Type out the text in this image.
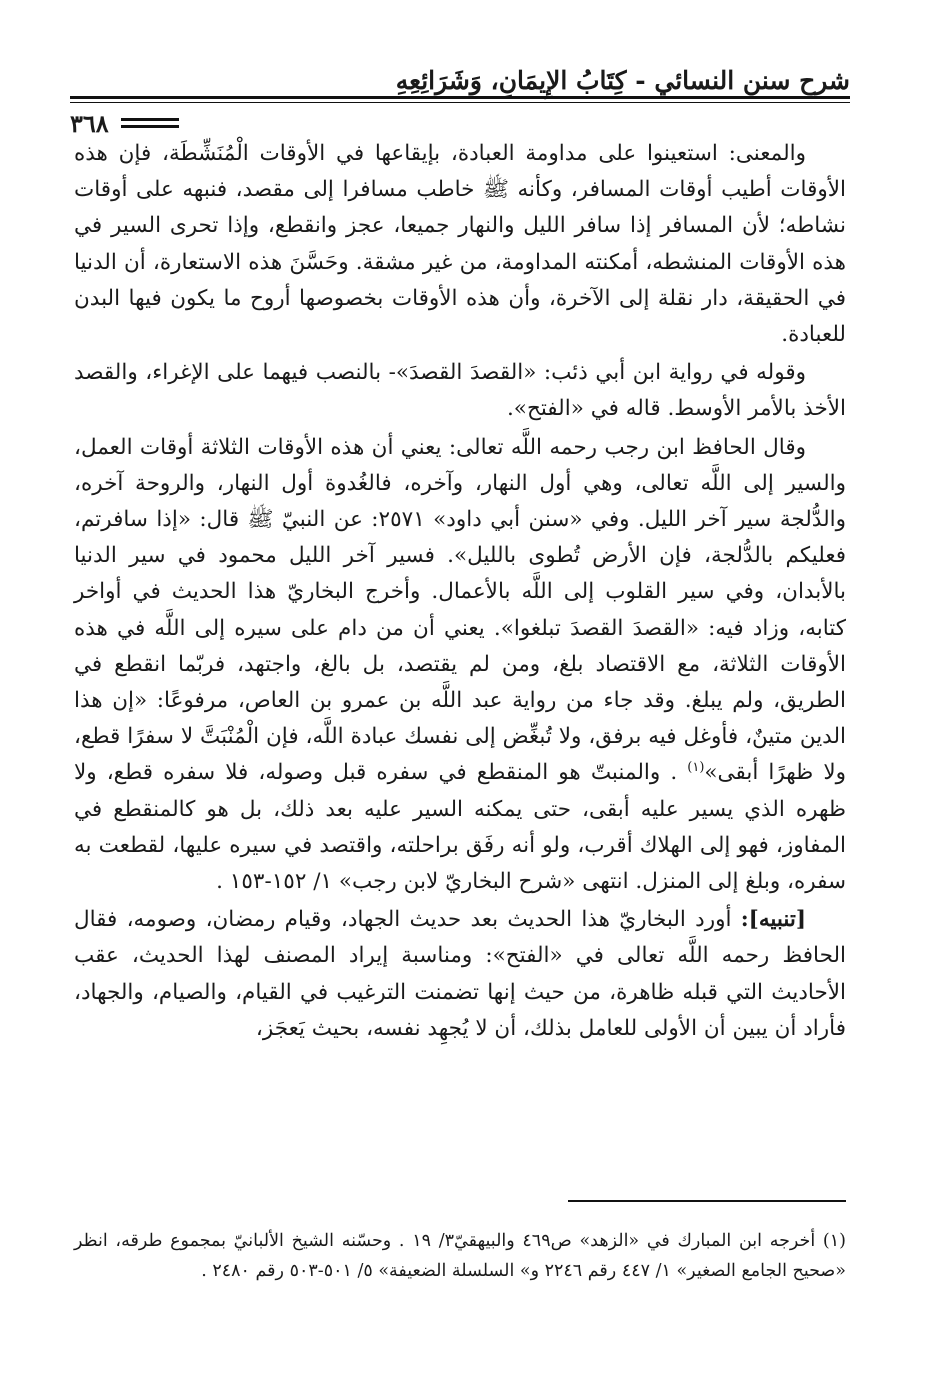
شرح سنن النسائي - كِتَابُ الإِيمَانِ، وَشَرَائِعِهِ
٣٦٨

والمعنى: استعينوا على مداومة العبادة، بإيقاعها في الأوقات الْمُنَشِّطَة، فإن هذه الأوقات أطيب أوقات المسافر، وكأنه ﷺ خاطب مسافرا إلى مقصد، فنبهه على أوقات نشاطه؛ لأن المسافر إذا سافر الليل والنهار جميعا، عجز وانقطع، وإذا تحرى السير في هذه الأوقات المنشطه، أمكنته المداومة، من غير مشقة. وحَسَّنَ هذه الاستعارة، أن الدنيا في الحقيقة، دار نقلة إلى الآخرة، وأن هذه الأوقات بخصوصها أروح ما يكون فيها البدن للعبادة.

وقوله في رواية ابن أبي ذئب: «القصدَ القصدَ»- بالنصب فيهما على الإغراء، والقصد الأخذ بالأمر الأوسط. قاله في «الفتح».

وقال الحافظ ابن رجب رحمه اللَّه تعالى: يعني أن هذه الأوقات الثلاثة أوقات العمل، والسير إلى اللَّه تعالى، وهي أول النهار، وآخره، فالغُدوة أول النهار، والروحة آخره، والدُّلجة سير آخر الليل. وفي «سنن أبي داود» ٢٥٧١: عن النبيّ ﷺ قال: «إذا سافرتم، فعليكم بالدُّلجة، فإن الأرض تُطوى بالليل». فسير آخر الليل محمود في سير الدنيا بالأبدان، وفي سير القلوب إلى اللَّه بالأعمال. وأخرج البخاريّ هذا الحديث في أواخر كتابه، وزاد فيه: «القصدَ القصدَ تبلغوا». يعني أن من دام على سيره إلى اللَّه في هذه الأوقات الثلاثة، مع الاقتصاد بلغ، ومن لم يقتصد، بل بالغ، واجتهد، فربّما انقطع في الطريق، ولم يبلغ. وقد جاء من رواية عبد اللَّه بن عمرو بن العاص، مرفوعًا: «إن هذا الدين متينٌ، فأوغل فيه برفق، ولا تُبغِّض إلى نفسك عبادة اللَّه، فإن الْمُنْبَتَّ لا سفرًا قطع، ولا ظهرًا أبقى»$^{(١)}$ . والمنبتّ هو المنقطع في سفره قبل وصوله، فلا سفره قطع، ولا ظهره الذي يسير عليه أبقى، حتى يمكنه السير عليه بعد ذلك، بل هو كالمنقطع في المفاوز، فهو إلى الهلاك أقرب، ولو أنه رفَق براحلته، واقتصد في سيره عليها، لقطعت به سفره، وبلغ إلى المنزل. انتهى «شرح البخاريّ لابن رجب» ١/ ١٥٢-١٥٣ .

[تنبيه]: أورد البخاريّ هذا الحديث بعد حديث الجهاد، وقيام رمضان، وصومه، فقال الحافظ رحمه اللَّه تعالى في «الفتح»: ومناسبة إيراد المصنف لهذا الحديث، عقب الأحاديث التي قبله ظاهرة، من حيث إنها تضمنت الترغيب في القيام، والصيام، والجهاد، فأراد أن يبين أن الأولى للعامل بذلك، أن لا يُجهِد نفسه، بحيث يَعجَز،

(١) أخرجه ابن المبارك في «الزهد» ص٤٦٩ والبيهقيّ٣/ ١٩ . وحسّنه الشيخ الألبانيّ بمجموع طرقه، انظر «صحيح الجامع الصغير» ١/ ٤٤٧ رقم ٢٢٤٦ و» السلسلة الضعيفة» ٥/ ٥٠١-٥٠٣ رقم ٢٤٨٠ .
